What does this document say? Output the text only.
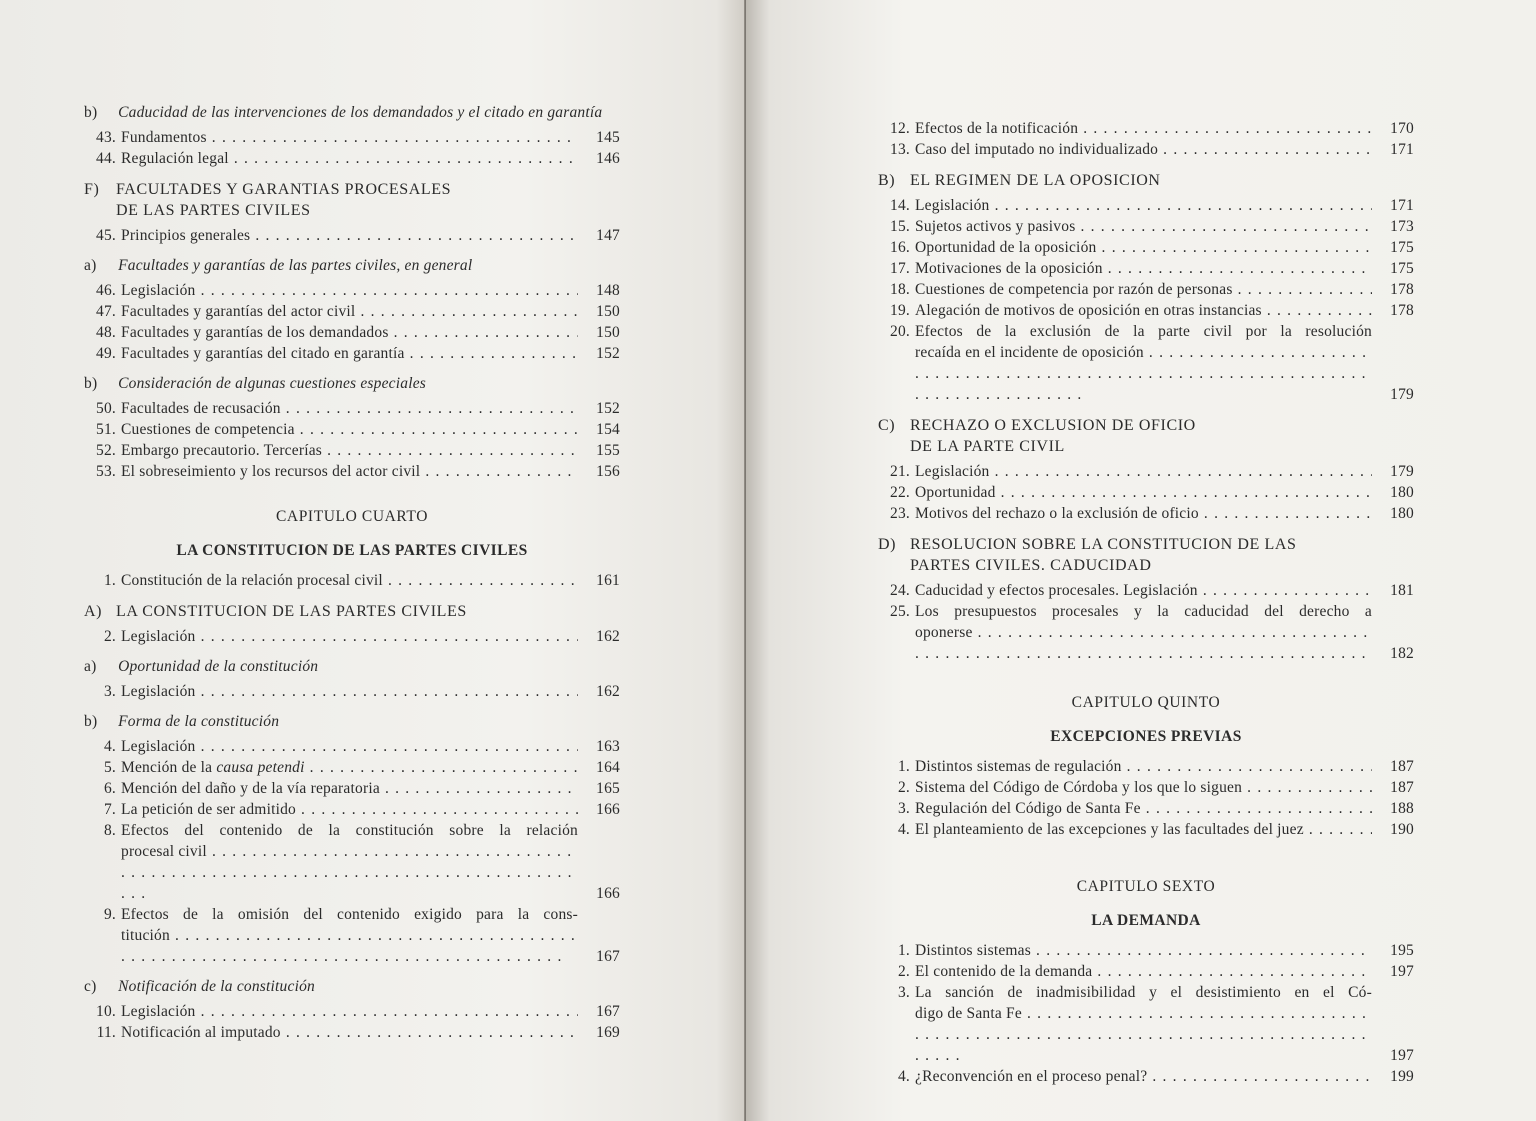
b) Caducidad de las intervenciones de los demandados y el citado en garantía
43. Fundamentos . . .	145
44. Regulación legal . . .	146
F) FACULTADES Y GARANTIAS PROCESALES
DE LAS PARTES CIVILES
45. Principios generales . . .	147
a) Facultades y garantías de las partes civiles, en general
46. Legislación . . .	148
47. Facultades y garantías del actor civil . . .	150
48. Facultades y garantías de los demandados . . .	150
49. Facultades y garantías del citado en garantía . . .	152
b) Consideración de algunas cuestiones especiales
50. Facultades de recusación . . .	152
51. Cuestiones de competencia . . .	154
52. Embargo precautorio. Tercerías . . .	155
53. El sobreseimiento y los recursos del actor civil . . .	156
CAPITULO CUARTO
LA CONSTITUCION DE LAS PARTES CIVILES
1. Constitución de la relación procesal civil . . .	161
A) LA CONSTITUCION DE LAS PARTES CIVILES
2. Legislación . . .	162
a) Oportunidad de la constitución
3. Legislación . . .	162
b) Forma de la constitución
4. Legislación . . .	163
5. Mención de la causa petendi . . .	164
6. Mención del daño y de la vía reparatoria . . .	165
7. La petición de ser admitido . . .	166
8. Efectos del contenido de la constitución sobre la relación
procesal civil . . .
166
9. Efectos de la omisión del contenido exigido para la cons-
titución . . .
167
c) Notificación de la constitución
10. Legislación . . .	167
11. Notificación al imputado . . .	169
12. Efectos de la notificación . . .	170
13. Caso del imputado no individualizado . . .	171
B) EL REGIMEN DE LA OPOSICION
14. Legislación . . .	171
15. Sujetos activos y pasivos . . .	173
16. Oportunidad de la oposición . . .	175
17. Motivaciones de la oposición . . .	175
18. Cuestiones de competencia por razón de personas . . .	178
19. Alegación de motivos de oposición en otras instancias . . .	178
20. Efectos de la exclusión de la parte civil por la resolución
recaída en el incidente de oposición . . .
179
C) RECHAZO O EXCLUSION DE OFICIO
DE LA PARTE CIVIL
21. Legislación . . .	179
22. Oportunidad . . .	180
23. Motivos del rechazo o la exclusión de oficio . . .	180
D) RESOLUCION SOBRE LA CONSTITUCION DE LAS
PARTES CIVILES. CADUCIDAD
24. Caducidad y efectos procesales. Legislación . . .	181
25. Los presupuestos procesales y la caducidad del derecho a
oponerse . . .
182
CAPITULO QUINTO
EXCEPCIONES PREVIAS
1. Distintos sistemas de regulación . . .	187
2. Sistema del Código de Córdoba y los que lo siguen . . .	187
3. Regulación del Código de Santa Fe . . .	188
4. El planteamiento de las excepciones y las facultades del juez . . .	190
CAPITULO SEXTO
LA DEMANDA
1. Distintos sistemas . . .	195
2. El contenido de la demanda . . .	197
3. La sanción de inadmisibilidad y el desistimiento en el Có-
digo de Santa Fe . . .
197
4. ¿Reconvención en el proceso penal? . . .	199
